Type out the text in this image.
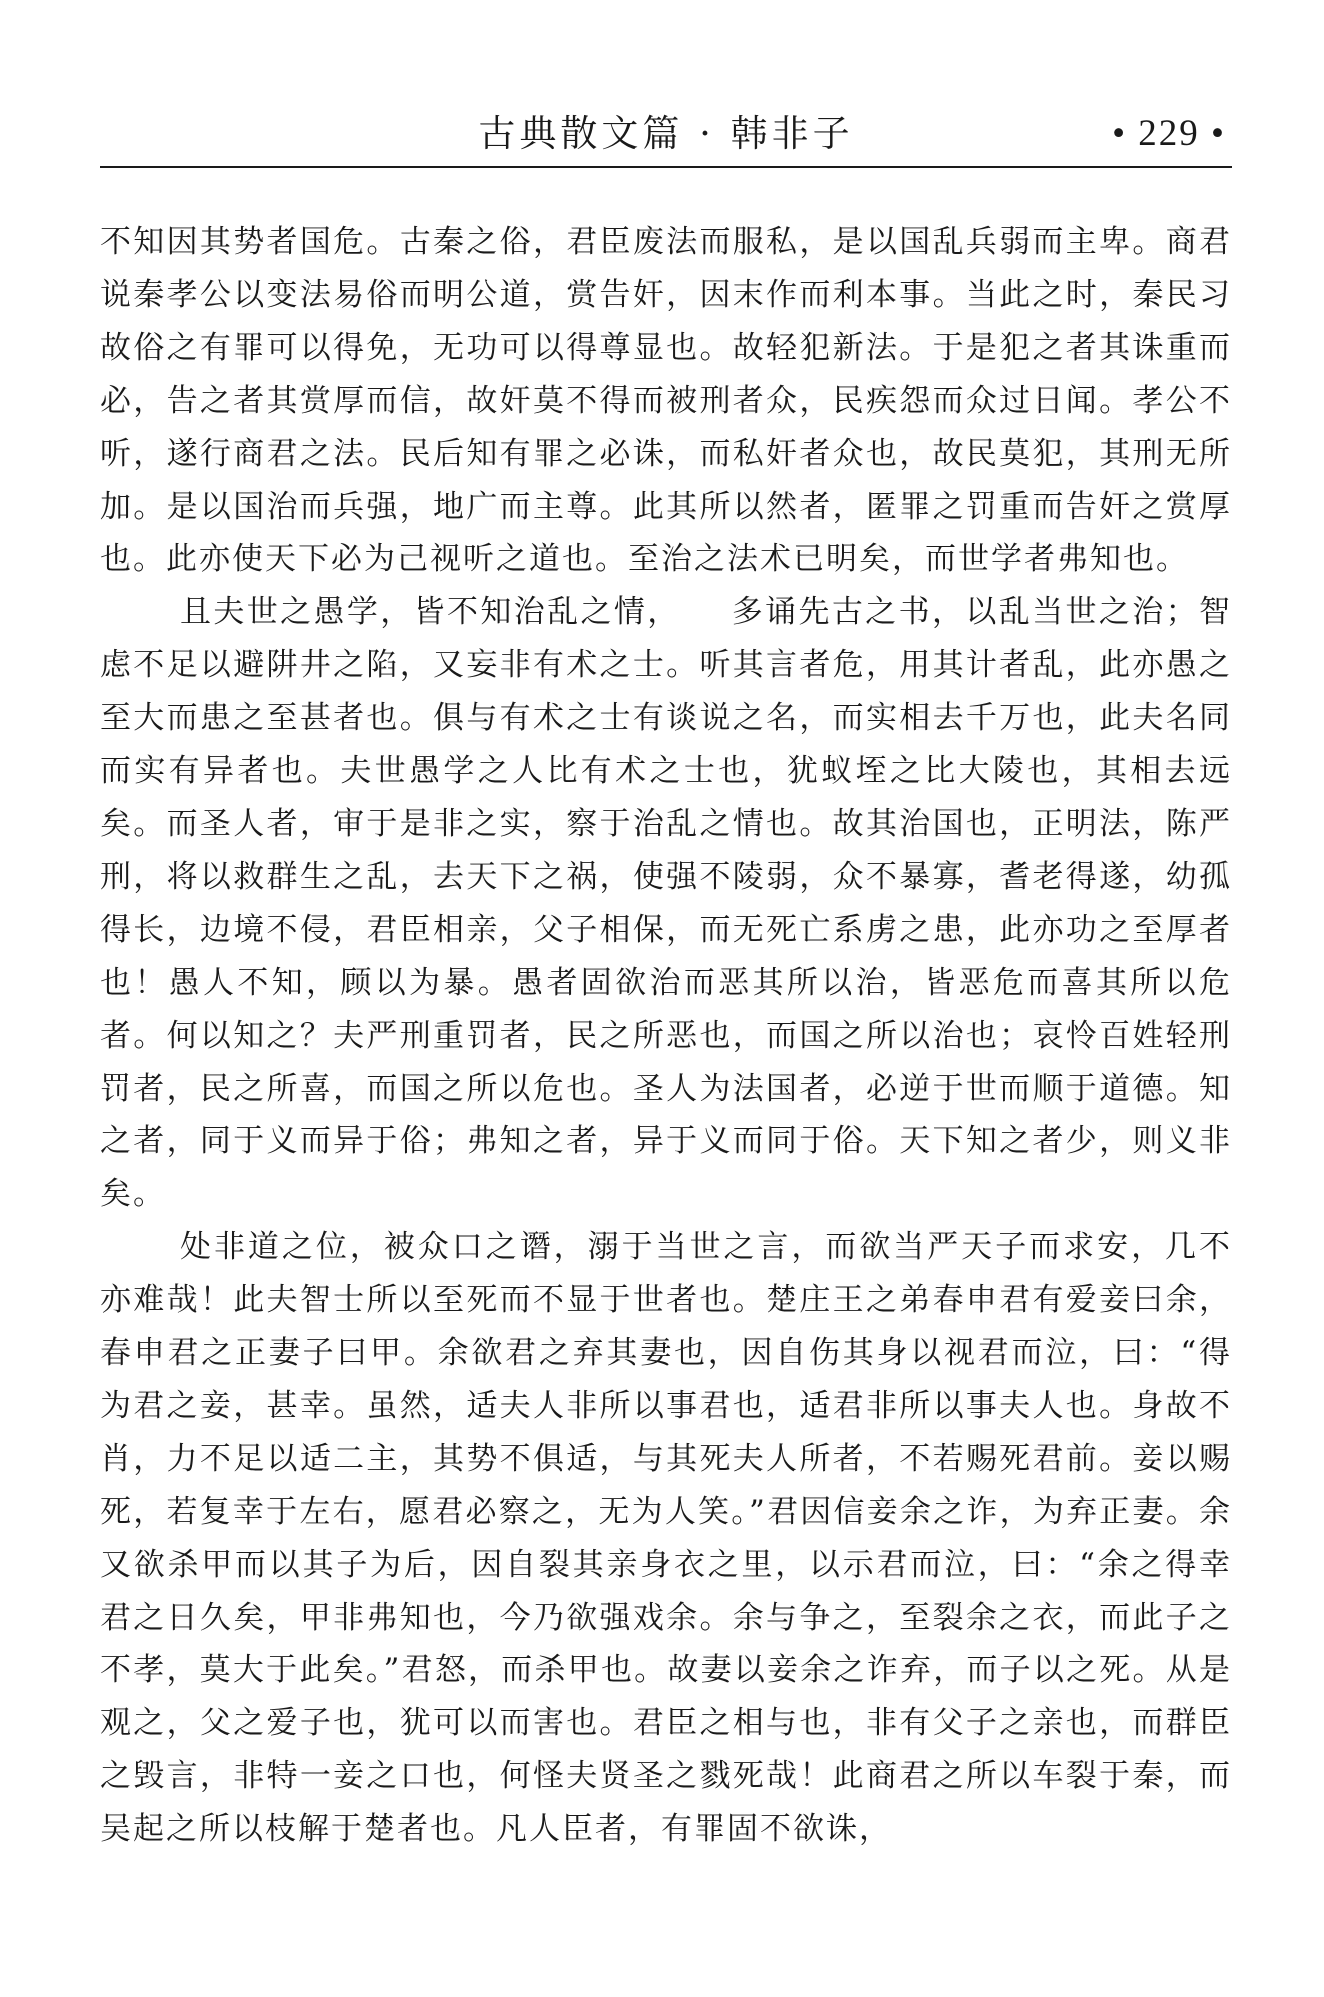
古典散文篇 · 韩非子	• 229 •

不知因其势者国危。古秦之俗，君臣废法而服私，是以国乱兵弱而主卑。商君说秦孝公以变法易俗而明公道，赏告奸，因末作而利本事。当此之时，秦民习故俗之有罪可以得免，无功可以得尊显也。故轻犯新法。于是犯之者其诛重而必，告之者其赏厚而信，故奸莫不得而被刑者众，民疾怨而众过日闻。孝公不听，遂行商君之法。民后知有罪之必诛，而私奸者众也，故民莫犯，其刑无所加。是以国治而兵强，地广而主尊。此其所以然者，匿罪之罚重而告奸之赏厚也。此亦使天下必为己视听之道也。至治之法术已明矣，而世学者弗知也。

且夫世之愚学，皆不知治乱之情，　　多诵先古之书，以乱当世之治；智虑不足以避阱井之陷，又妄非有术之士。听其言者危，用其计者乱，此亦愚之至大而患之至甚者也。俱与有术之士有谈说之名，而实相去千万也，此夫名同而实有异者也。夫世愚学之人比有术之士也，犹蚁垤之比大陵也，其相去远矣。而圣人者，审于是非之实，察于治乱之情也。故其治国也，正明法，陈严刑，将以救群生之乱，去天下之祸，使强不陵弱，众不暴寡，耆老得遂，幼孤得长，边境不侵，君臣相亲，父子相保，而无死亡系虏之患，此亦功之至厚者也！愚人不知，顾以为暴。愚者固欲治而恶其所以治，皆恶危而喜其所以危者。何以知之？夫严刑重罚者，民之所恶也，而国之所以治也；哀怜百姓轻刑罚者，民之所喜，而国之所以危也。圣人为法国者，必逆于世而顺于道德。知之者，同于义而异于俗；弗知之者，异于义而同于俗。天下知之者少，则义非矣。

处非道之位，被众口之谮，溺于当世之言，而欲当严天子而求安，几不亦难哉！此夫智士所以至死而不显于世者也。楚庄王之弟春申君有爱妾曰余，春申君之正妻子曰甲。余欲君之弃其妻也，因自伤其身以视君而泣，曰：“得为君之妾，甚幸。虽然，适夫人非所以事君也，适君非所以事夫人也。身故不肖，力不足以适二主，其势不俱适，与其死夫人所者，不若赐死君前。妾以赐死，若复幸于左右，愿君必察之，无为人笑。”君因信妾余之诈，为弃正妻。余又欲杀甲而以其子为后，因自裂其亲身衣之里，以示君而泣，曰：“余之得幸君之日久矣，甲非弗知也，今乃欲强戏余。余与争之，至裂余之衣，而此子之不孝，莫大于此矣。”君怒，而杀甲也。故妻以妾余之诈弃，而子以之死。从是观之，父之爱子也，犹可以而害也。君臣之相与也，非有父子之亲也，而群臣之毁言，非特一妾之口也，何怪夫贤圣之戮死哉！此商君之所以车裂于秦，而吴起之所以枝解于楚者也。凡人臣者，有罪固不欲诛，
